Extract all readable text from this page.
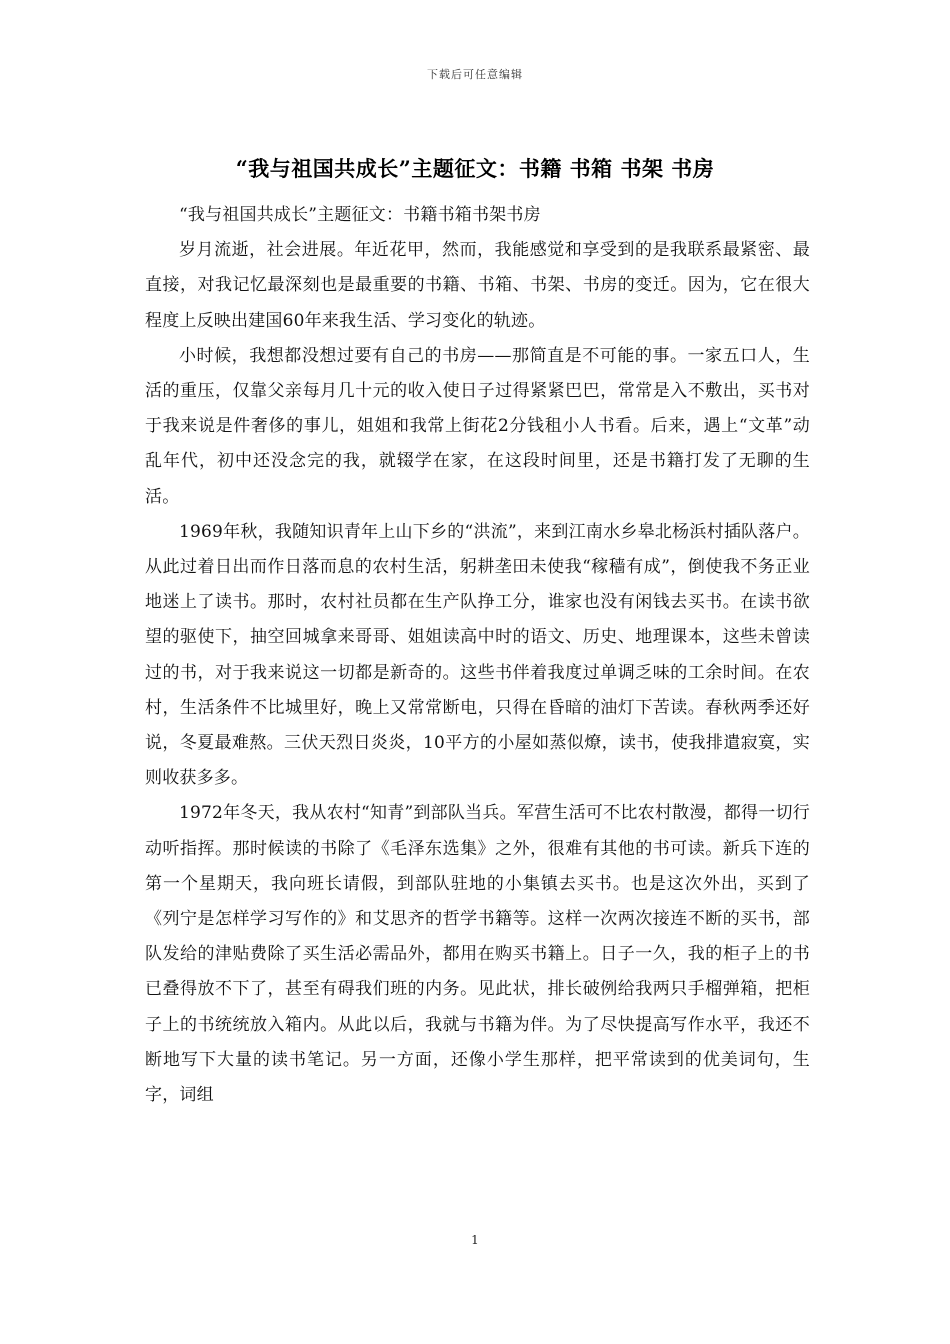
下载后可任意编辑
“我与祖国共成长”主题征文：书籍 书箱 书架 书房

“我与祖国共成长”主题征文：书籍书箱书架书房

岁月流逝，社会进展。年近花甲，然而，我能感觉和享受到的是我联系最紧密、最直接，对我记忆最深刻也是最重要的书籍、书箱、书架、书房的变迁。因为，它在很大程度上反映出建国60年来我生活、学习变化的轨迹。

小时候，我想都没想过要有自己的书房——那简直是不可能的事。一家五口人，生活的重压，仅靠父亲每月几十元的收入使日子过得紧紧巴巴，常常是入不敷出，买书对于我来说是件奢侈的事儿，姐姐和我常上街花2分钱租小人书看。后来，遇上“文革”动乱年代，初中还没念完的我，就辍学在家，在这段时间里，还是书籍打发了无聊的生活。

1969年秋，我随知识青年上山下乡的“洪流”，来到江南水乡皋北杨浜村插队落户。从此过着日出而作日落而息的农村生活，躬耕垄田未使我“稼穑有成”，倒使我不务正业地迷上了读书。那时，农村社员都在生产队挣工分，谁家也没有闲钱去买书。在读书欲望的驱使下，抽空回城拿来哥哥、姐姐读高中时的语文、历史、地理课本，这些未曾读过的书，对于我来说这一切都是新奇的。这些书伴着我度过单调乏味的工余时间。在农村，生活条件不比城里好，晚上又常常断电，只得在昏暗的油灯下苦读。春秋两季还好说，冬夏最难熬。三伏天烈日炎炎，10平方的小屋如蒸似燎，读书，使我排遣寂寞，实则收获多多。

1972年冬天，我从农村“知青”到部队当兵。军营生活可不比农村散漫，都得一切行动听指挥。那时候读的书除了《毛泽东选集》之外，很难有其他的书可读。新兵下连的第一个星期天，我向班长请假，到部队驻地的小集镇去买书。也是这次外出，买到了《列宁是怎样学习写作的》和艾思齐的哲学书籍等。这样一次两次接连不断的买书，部队发给的津贴费除了买生活必需品外，都用在购买书籍上。日子一久，我的柜子上的书已叠得放不下了，甚至有碍我们班的内务。见此状，排长破例给我两只手榴弹箱，把柜子上的书统统放入箱内。从此以后，我就与书籍为伴。为了尽快提高写作水平，我还不断地写下大量的读书笔记。另一方面，还像小学生那样，把平常读到的优美词句，生字，词组

1
